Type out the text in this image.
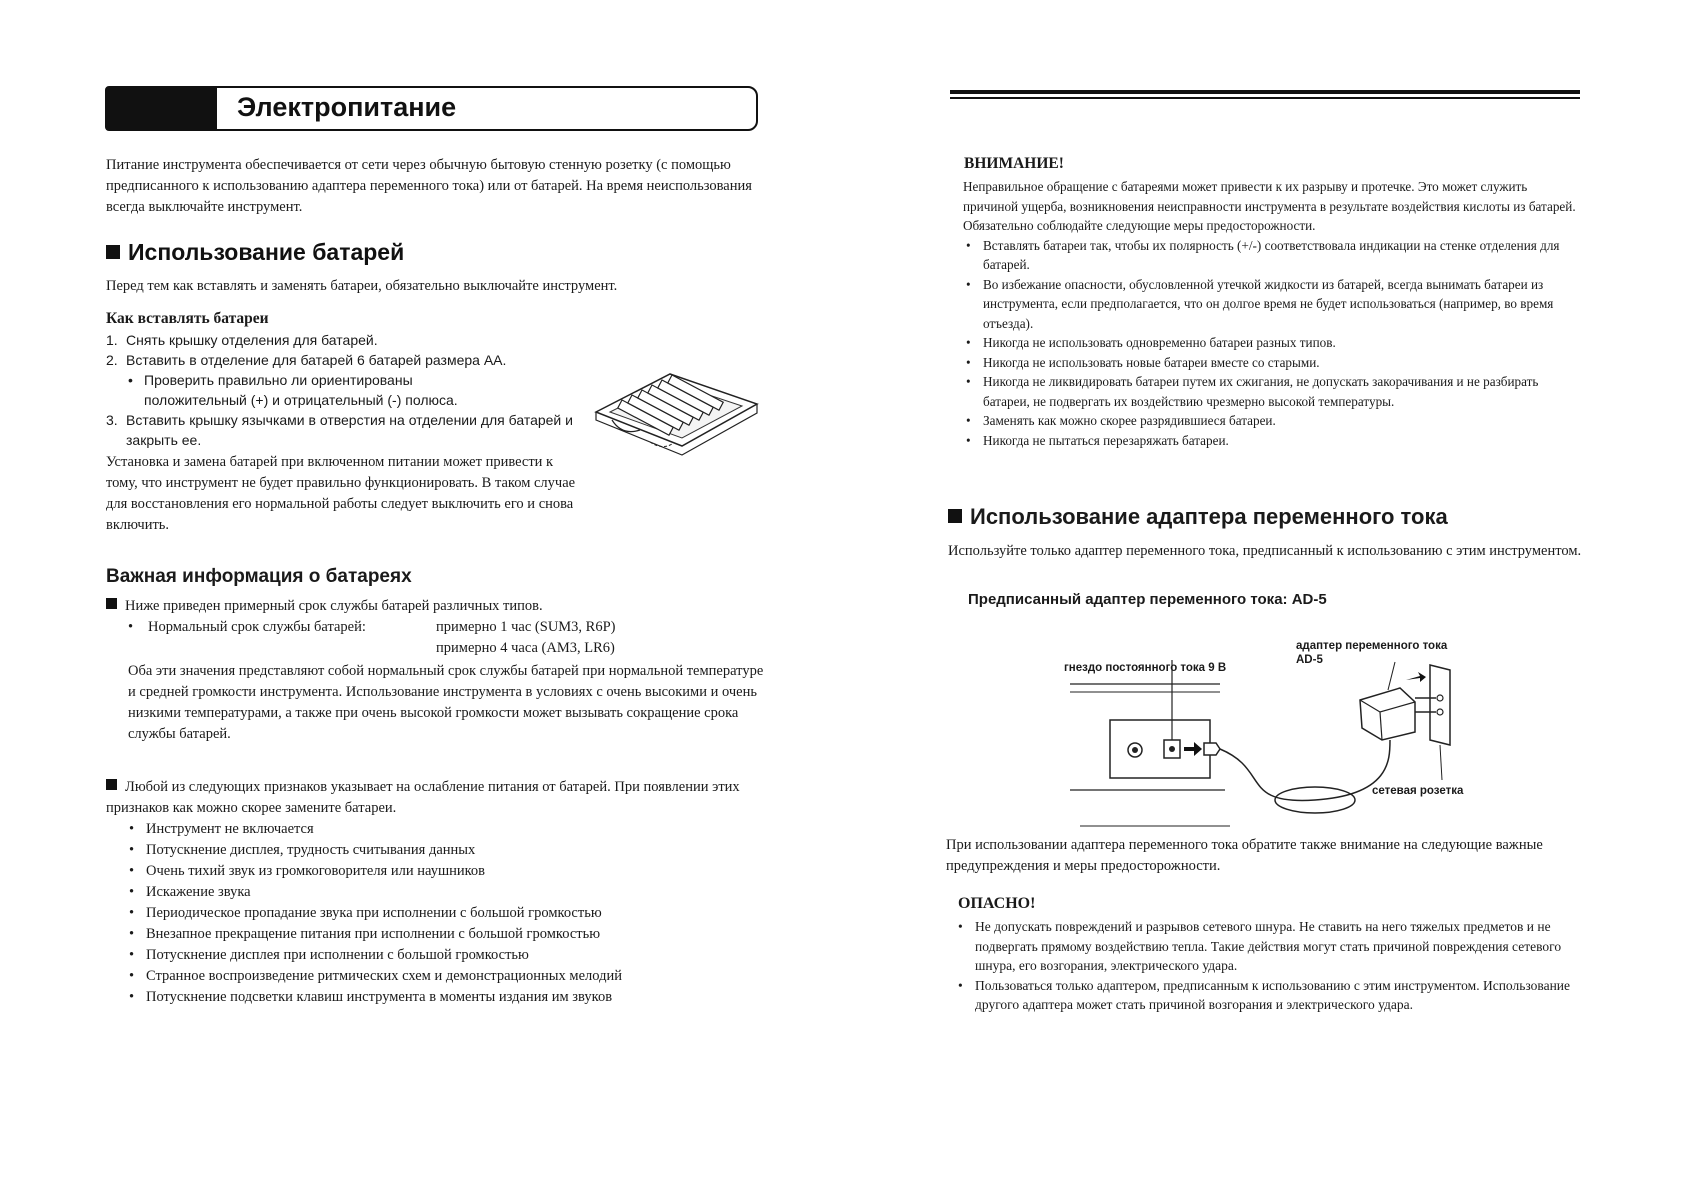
Электропитание

Питание инструмента обеспечивается от сети через обычную бытовую стенную розетку (с помощью предписанного к использованию адаптера переменного тока) или от батарей. На время неиспользования всегда выключайте инструмент.

Использование батарей

Перед тем как вставлять и заменять батареи, обязательно выключайте инструмент.

Как вставлять батареи
1. Снять крышку отделения для батарей.
2. Вставить в отделение для батарей 6 батарей размера АА.
• Проверить правильно ли ориентированы положительный (+) и отрицательный (-) полюса.
3. Вставить крышку язычками в отверстия на отделении для батарей и закрыть ее.

Установка и замена батарей при включенном питании может привести к тому, что инструмент не будет правильно функционировать. В таком случае для восстановления его нормальной работы следует выключить его и снова включить.

Важная информация о батареях
Ниже приведен примерный срок службы батарей различных типов.
•	Нормальный срок службы батарей:	примерно 1 час (SUM3, R6P)
примерно 4 часа (AM3, LR6)
Оба эти значения представляют собой нормальный срок службы батарей при нормальной температуре и средней громкости инструмента. Использование инструмента в условиях с очень высокими и очень низкими температурами, а также при очень высокой громкости может вызывать сокращение срока службы батарей.
Любой из следующих признаков указывает на ослабление питания от батарей. При появлении этих признаков как можно скорее замените батареи.
• Инструмент не включается
• Потускнение дисплея, трудность считывания данных
• Очень тихий звук из громкоговорителя или наушников
• Искажение звука
• Периодическое пропадание звука при исполнении с большой громкостью
• Внезапное прекращение питания при исполнении с большой громкостью
• Потускнение дисплея при исполнении с большой громкостью
• Странное воспроизведение ритмических схем и демонстрационных мелодий
• Потускнение подсветки клавиш инструмента в моменты издания им звуков
ВНИМАНИЕ!
Неправильное обращение с батареями может привести к их разрыву и протечке. Это может служить причиной ущерба, возникновения неисправности инструмента в результате воздействия кислоты из батарей. Обязательно соблюдайте следующие меры предосторожности.
• Вставлять батареи так, чтобы их полярность (+/-) соответствовала индикации на стенке отделения для батарей.
• Во избежание опасности, обусловленной утечкой жидкости из батарей, всегда вынимать батареи из инструмента, если предполагается, что он долгое время не будет использоваться (например, во время отъезда).
• Никогда не использовать одновременно батареи разных типов.
• Никогда не использовать новые батареи вместе со старыми.
• Никогда не ликвидировать батареи путем их сжигания, не допускать закорачивания и не разбирать батареи, не подвергать их воздействию чрезмерно высокой температуры.
• Заменять как можно скорее разрядившиеся батареи.
• Никогда не пытаться перезаряжать батареи.
Использование адаптера переменного тока

Используйте только адаптер переменного тока, предписанный к использованию с этим инструментом.

Предписанный адаптер переменного тока: AD-5
гнездо постоянного тока 9 В
адаптер переменного тока
AD-5
сетевая розетка

При использовании адаптера переменного тока обратите также внимание на следующие важные предупреждения и меры предосторожности.

ОПАСНО!
• Не допускать повреждений и разрывов сетевого шнура. Не ставить на него тяжелых предметов и не подвергать прямому воздействию тепла. Такие действия могут стать причиной повреждения сетевого шнура, его возгорания, электрического удара.
• Пользоваться только адаптером, предписанным к использованию с этим инструментом. Использование другого адаптера может стать причиной возгорания и электрического удара.
